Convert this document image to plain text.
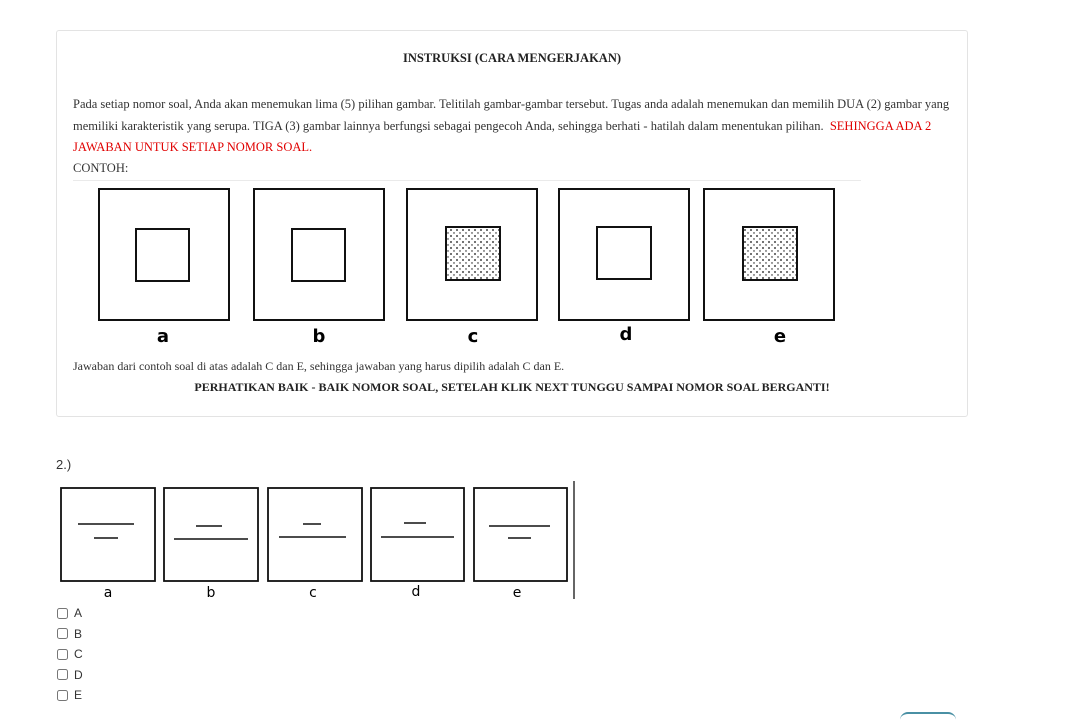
INSTRUKSI (CARA MENGERJAKAN)
Pada setiap nomor soal, Anda akan menemukan lima (5) pilihan gambar. Telitilah gambar-gambar tersebut. Tugas anda adalah menemukan dan memilih DUA (2) gambar yang memiliki karakteristik yang serupa. TIGA (3) gambar lainnya berfungsi sebagai pengecoh Anda, sehingga berhati - hatilah dalam menentukan pilihan. SEHINGGA ADA 2 JAWABAN UNTUK SETIAP NOMOR SOAL.
CONTOH:
a	b	c	d	e
Jawaban dari contoh soal di atas adalah C dan E, sehingga jawaban yang harus dipilih adalah C dan E.
PERHATIKAN BAIK - BAIK NOMOR SOAL, SETELAH KLIK NEXT TUNGGU SAMPAI NOMOR SOAL BERGANTI!
2.)
a	b	c	d	e
A
B
C
D
E
